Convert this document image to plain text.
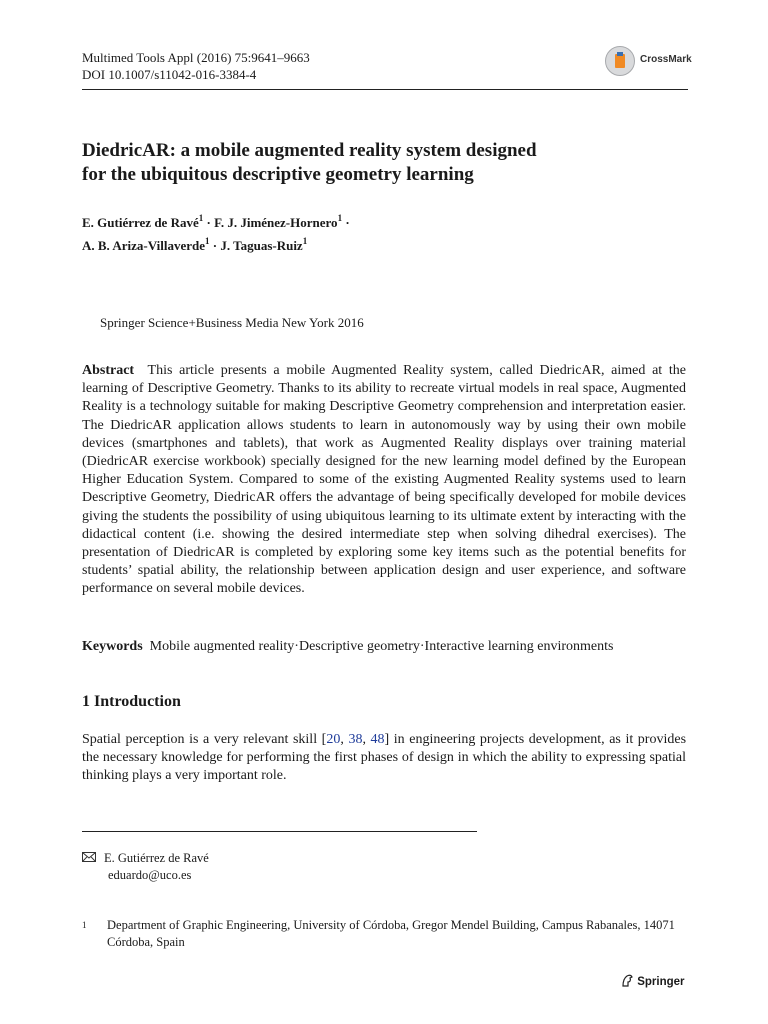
Multimed Tools Appl (2016) 75:9641–9663
DOI 10.1007/s11042-016-3384-4
CrossMark
DiedricAR: a mobile augmented reality system designed
for the ubiquitous descriptive geometry learning
E. Gutiérrez de Ravé$^1$ · F. J. Jiménez-Hornero$^1$ ·
A. B. Ariza-Villaverde$^1$ · J. Taguas-Ruiz$^1$
Springer Science+Business Media New York 2016
Abstract This article presents a mobile Augmented Reality system, called DiedricAR, aimed at the learning of Descriptive Geometry. Thanks to its ability to recreate virtual models in real space, Augmented Reality is a technology suitable for making Descriptive Geometry comprehension and interpretation easier. The DiedricAR application allows students to learn in autonomously way by using their own mobile devices (smartphones and tablets), that work as Augmented Reality displays over training material (DiedricAR exercise workbook) specially designed for the new learning model defined by the European Higher Education System. Compared to some of the existing Augmented Reality systems used to learn Descriptive Geometry, DiedricAR offers the advantage of being specifically developed for mobile devices giving the students the possibility of using ubiquitous learning to its ultimate extent by interacting with the didactical content (i.e. showing the desired intermediate step when solving dihedral exercises). The presentation of DiedricAR is completed by exploring some key items such as the potential benefits for students’ spatial ability, the relationship between application design and user experience, and software performance on several mobile devices.
Keywords Mobile augmented reality·Descriptive geometry·Interactive learning environments
1 Introduction
Spatial perception is a very relevant skill [20, 38, 48] in engineering projects development, as it provides the necessary knowledge for performing the first phases of design in which the ability to expressing spatial thinking plays a very important role.
E. Gutiérrez de Ravé
eduardo@uco.es
1 Department of Graphic Engineering, University of Córdoba, Gregor Mendel Building, Campus Rabanales, 14071 Córdoba, Spain
Springer
